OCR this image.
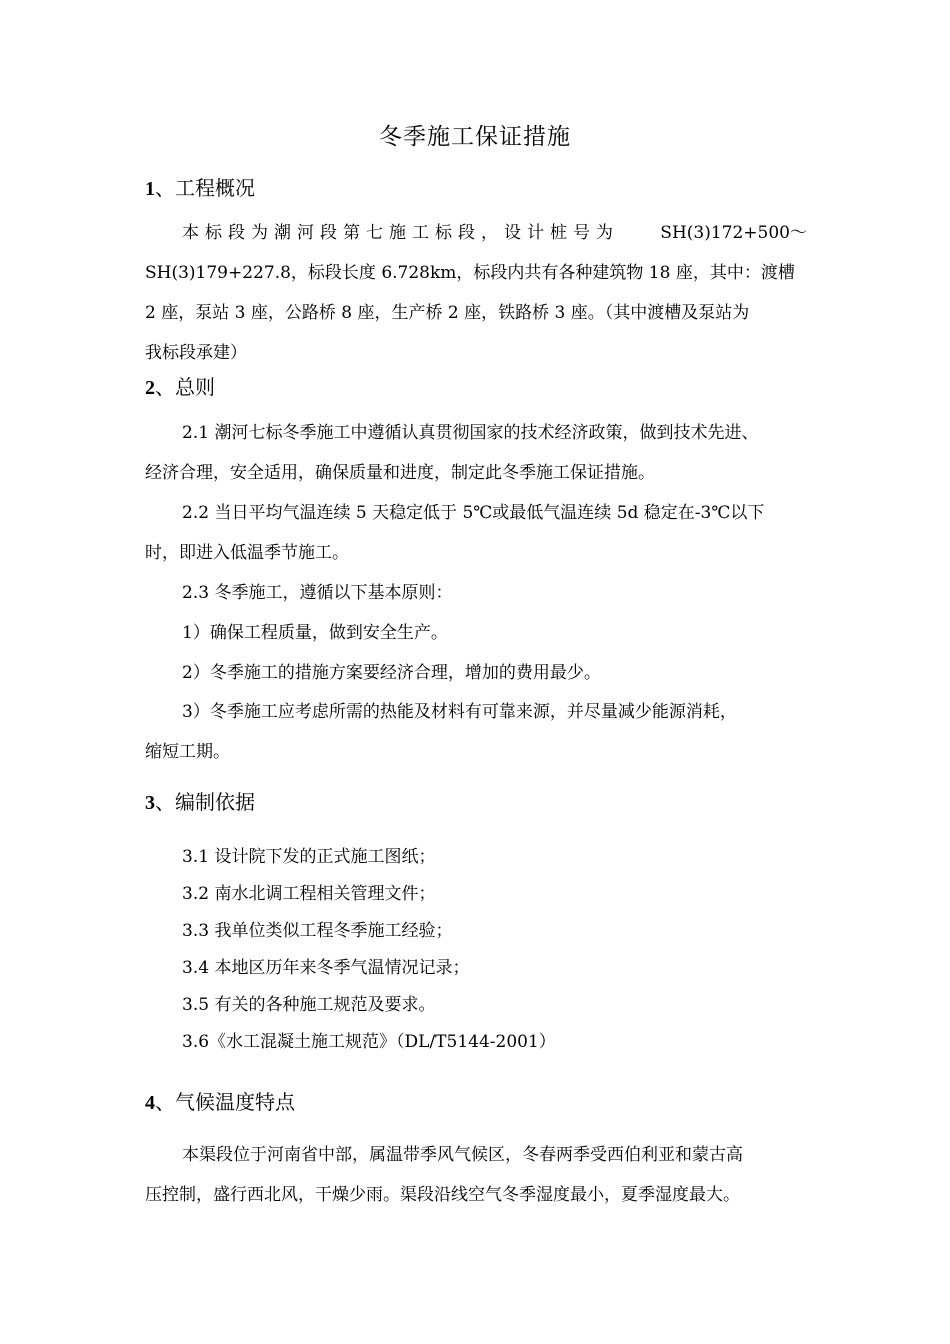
冬季施工保证措施
1、工程概况
本标段为潮河段第七施工标段，设计桩号为 SH(3)172+500～
SH(3)179+227.8，标段长度 6.728km，标段内共有各种建筑物 18 座，其中：渡槽
2 座，泵站 3 座，公路桥 8 座，生产桥 2 座，铁路桥 3 座。（其中渡槽及泵站为
我标段承建）
2、总则
2.1 潮河七标冬季施工中遵循认真贯彻国家的技术经济政策，做到技术先进、
经济合理，安全适用，确保质量和进度，制定此冬季施工保证措施。
2.2 当日平均气温连续 5 天稳定低于 5℃或最低气温连续 5d 稳定在-3℃以下
时，即进入低温季节施工。
2.3 冬季施工，遵循以下基本原则：
1）确保工程质量，做到安全生产。
2）冬季施工的措施方案要经济合理，增加的费用最少。
3）冬季施工应考虑所需的热能及材料有可靠来源，并尽量减少能源消耗，
缩短工期。
3、编制依据
3.1 设计院下发的正式施工图纸；
3.2 南水北调工程相关管理文件；
3.3 我单位类似工程冬季施工经验；
3.4 本地区历年来冬季气温情况记录；
3.5 有关的各种施工规范及要求。
3.6《水工混凝土施工规范》（DL/T5144-2001）
4、气候温度特点
本渠段位于河南省中部，属温带季风气候区，冬春两季受西伯利亚和蒙古高
压控制，盛行西北风，干燥少雨。渠段沿线空气冬季湿度最小，夏季湿度最大。
